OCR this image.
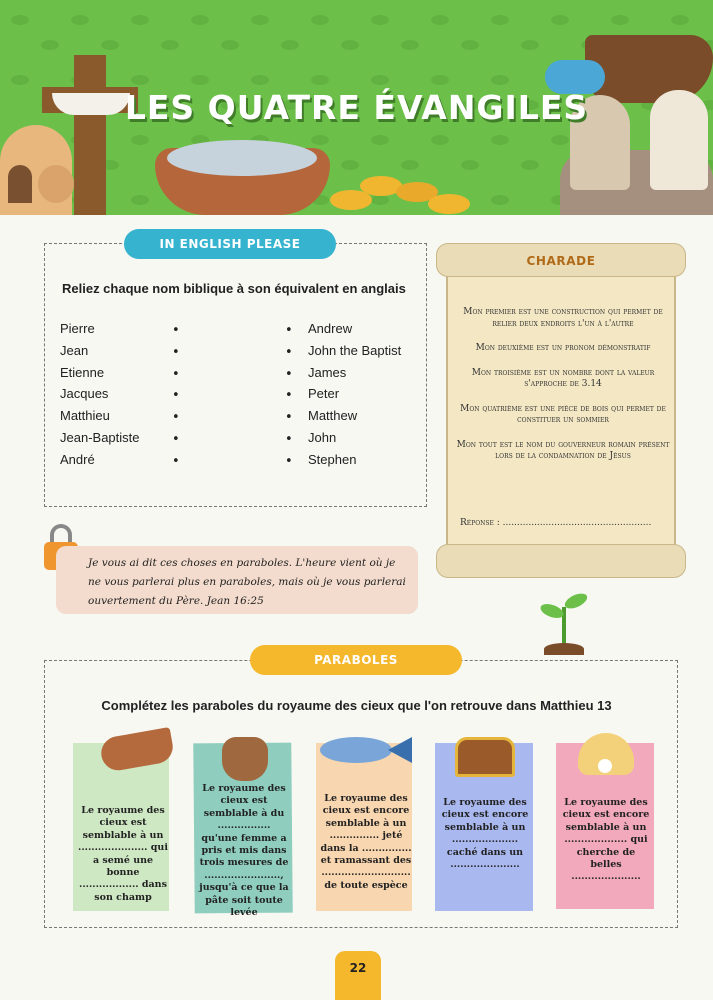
LES QUATRE ÉVANGILES
IN ENGLISH PLEASE
Reliez chaque nom biblique à son équivalent en anglais
Pierre
Jean
Etienne
Jacques
Matthieu
Jean-Baptiste
André
•
•
•
•
•
•
•
•
•
•
•
•
•
•
Andrew
John the Baptist
James
Peter
Matthew
John
Stephen
CHARADE

Mon premier est une construction qui permet de relier deux endroits l'un à l'autre

Mon deuxième est un pronom démonstratif

Mon troisième est un nombre dont la valeur s'approche de 3.14

Mon quatrième est une pièce de bois qui permet de constituer un sommier

Mon tout est le nom du gouverneur romain présent lors de la condamnation de Jésus

Réponse : ....................................................
Je vous ai dit ces choses en paraboles. L'heure vient où je ne vous parlerai plus en paraboles, mais où je vous parlerai ouvertement du Père. Jean 16:25
PARABOLES
Complétez les paraboles du royaume des cieux que l'on retrouve dans Matthieu 13
Le royaume des cieux est semblable à un ..................... qui a semé une bonne .................. dans son champ
Le royaume des cieux est semblable à du ................ qu'une femme a pris et mis dans trois mesures de ......................., jusqu'à ce que la pâte soit toute levée
Le royaume des cieux est encore semblable à un ............... jeté dans la ............... et ramassant des ........................... de toute espèce
Le royaume des cieux est encore semblable à un .................... caché dans un .....................
Le royaume des cieux est encore semblable à un ................... qui cherche de belles .....................
22
